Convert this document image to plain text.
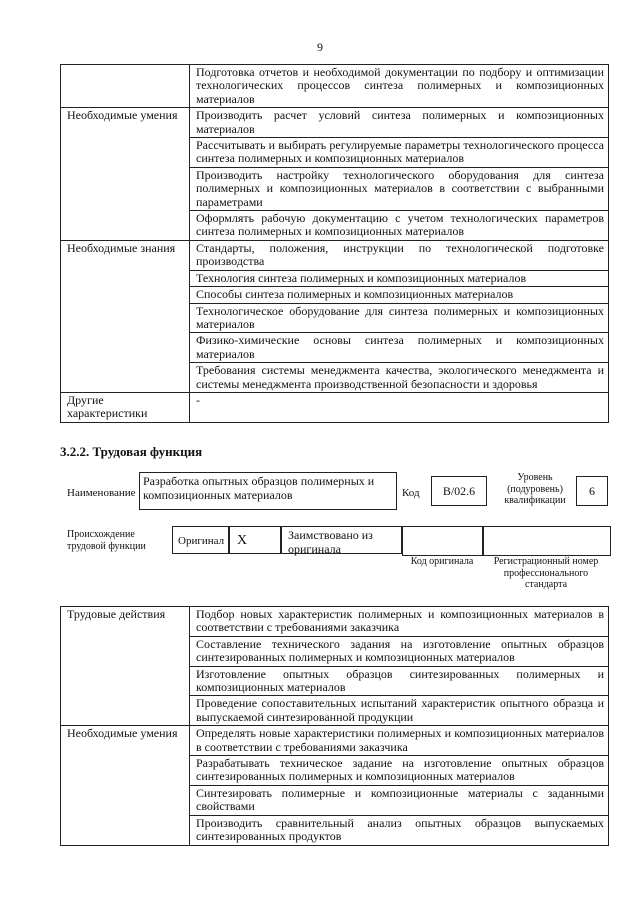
9
	Подготовка отчетов и необходимой документации по подбору и оптимизации технологических процессов синтеза полимерных и композиционных материалов
Необходимые умения	Производить расчет условий синтеза полимерных и композиционных материалов
	Рассчитывать и выбирать регулируемые параметры технологического процесса синтеза полимерных и композиционных материалов
	Производить настройку технологического оборудования для синтеза полимерных и композиционных материалов в соответствии с выбранными параметрами
	Оформлять рабочую документацию с учетом технологических параметров синтеза полимерных и композиционных материалов
Необходимые знания	Стандарты, положения, инструкции по технологической подготовке производства
	Технология синтеза полимерных и композиционных материалов
	Способы синтеза полимерных и композиционных материалов
	Технологическое оборудование для синтеза полимерных и композиционных материалов
	Физико-химические основы синтеза полимерных и композиционных материалов
	Требования системы менеджмента качества, экологического менеджмента и системы менеджмента производственной безопасности и здоровья
Другие характеристики	-
3.2.2. Трудовая функция
Наименование
Разработка опытных образцов полимерных и композиционных материалов	Код	B/02.6
Уровень (подуровень) квалификации
6
Происхождение трудовой функции	Оригинал X	Заимствовано из оригинала
Код оригинала	Регистрационный номер профессионального стандарта
Трудовые действия	Подбор новых характеристик полимерных и композиционных материалов в соответствии с требованиями заказчика
	Составление технического задания на изготовление опытных образцов синтезированных полимерных и композиционных материалов
	Изготовление опытных образцов синтезированных полимерных и композиционных материалов
	Проведение сопоставительных испытаний характеристик опытного образца и выпускаемой синтезированной продукции
Необходимые умения	Определять новые характеристики полимерных и композиционных материалов в соответствии с требованиями заказчика
	Разрабатывать техническое задание на изготовление опытных образцов синтезированных полимерных и композиционных материалов
	Синтезировать полимерные и композиционные материалы с заданными свойствами
	Производить сравнительный анализ опытных образцов выпускаемых синтезированных продуктов
